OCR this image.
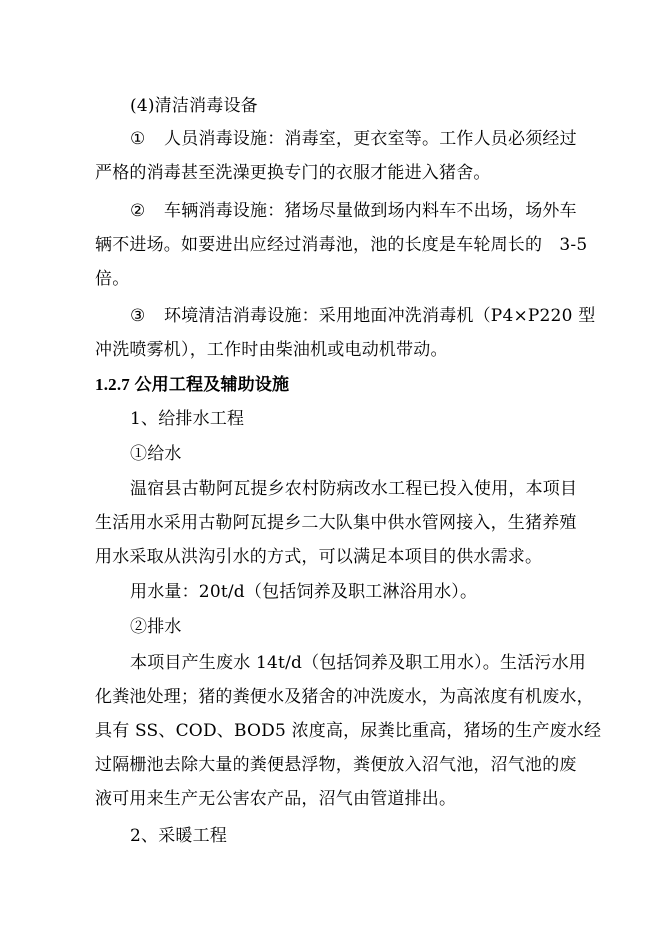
(4)清洁消毒设备
① 人员消毒设施：消毒室，更衣室等。工作人员必须经过
严格的消毒甚至洗澡更换专门的衣服才能进入猪舍。
② 车辆消毒设施：猪场尽量做到场内料车不出场，场外车
辆不进场。如要进出应经过消毒池，池的长度是车轮周长的　3-5
倍。
③ 环境清洁消毒设施：采用地面冲洗消毒机（P4×P220 型
冲洗喷雾机），工作时由柴油机或电动机带动。
1.2.7 公用工程及辅助设施
1、给排水工程
①给水
温宿县古勒阿瓦提乡农村防病改水工程已投入使用，本项目
生活用水采用古勒阿瓦提乡二大队集中供水管网接入，生猪养殖
用水采取从洪沟引水的方式，可以满足本项目的供水需求。
用水量：20t/d（包括饲养及职工淋浴用水）。
②排水
本项目产生废水 14t/d（包括饲养及职工用水）。生活污水用
化粪池处理；猪的粪便水及猪舍的冲洗废水，为高浓度有机废水，
具有 SS、COD、BOD5 浓度高，尿粪比重高，猪场的生产废水经
过隔栅池去除大量的粪便悬浮物，粪便放入沼气池，沼气池的废
液可用来生产无公害农产品，沼气由管道排出。
2、采暖工程
